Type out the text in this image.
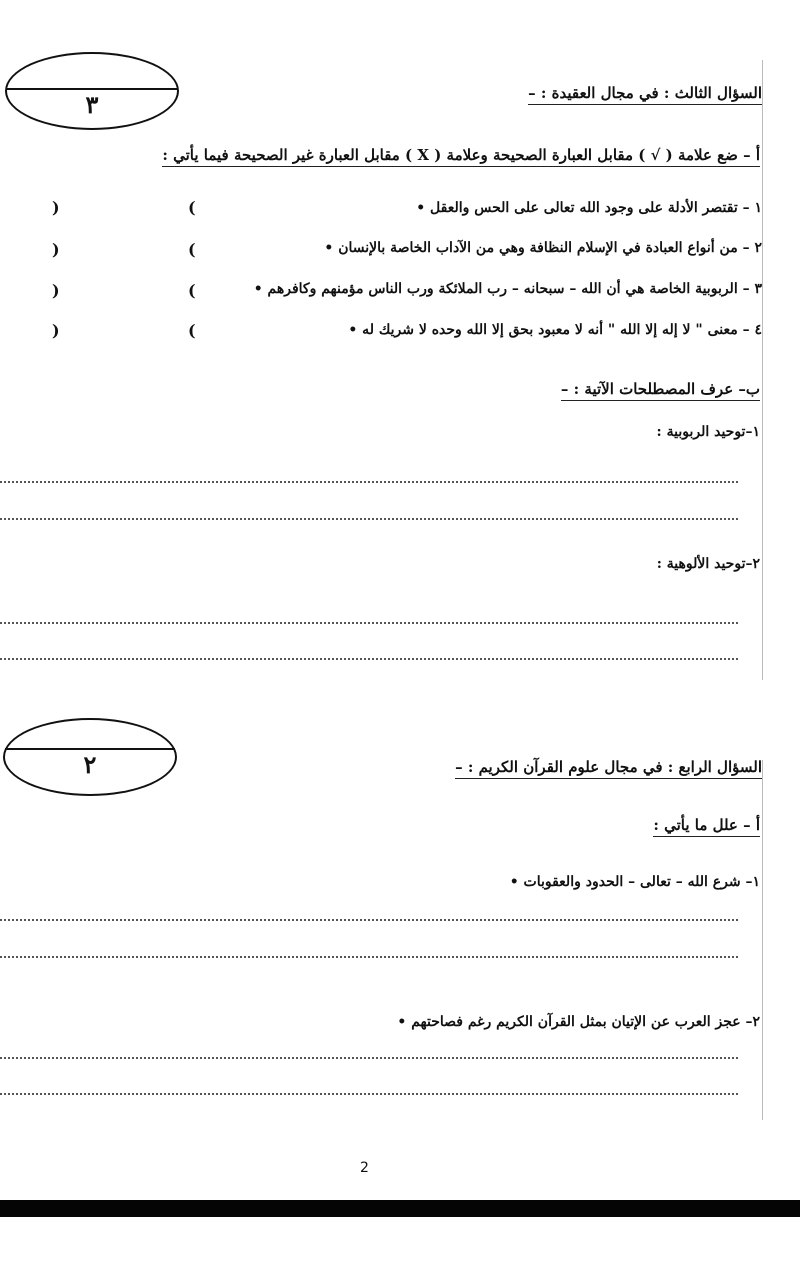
٣	السؤال الثالث : في مجال العقيدة : –
أ – ضع علامة ( √ ) مقابل العبارة الصحيحة وعلامة ( X ) مقابل العبارة غير الصحيحة فيما يأتي :
١ – تقتصر الأدلة على وجود الله تعالى على الحس والعقل •
)	(
٢ – من أنواع العبادة في الإسلام النظافة وهي من الآداب الخاصة بالإنسان •
)	(
٣ – الربوبية الخاصة هي أن الله – سبحانه – رب الملائكة ورب الناس مؤمنهم وكافرهم •
)	(
٤ – معنى " لا إله إلا الله " أنه لا معبود بحق إلا الله وحده لا شريك له •
)	(
ب– عرف المصطلحات الآتية : –
١–توحيد الربوبية :
٢–توحيد الألوهية :
٢	السؤال الرابع : في مجال علوم القرآن الكريم : –
أ – علل ما يأتي :
١– شرع الله – تعالى – الحدود والعقوبات •
٢– عجز العرب عن الإتيان بمثل القرآن الكريم رغم فصاحتهم •
2
